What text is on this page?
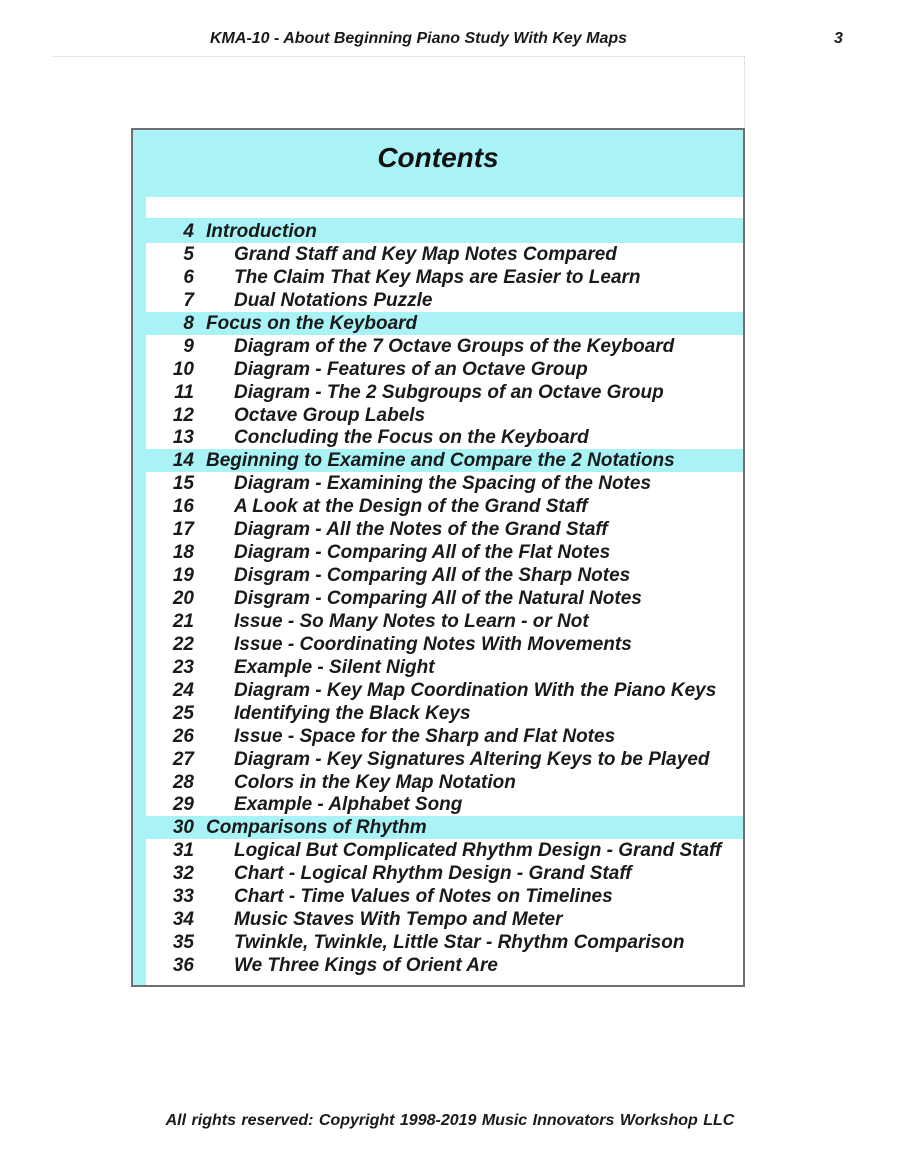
KMA-10 - About Beginning Piano Study With Key Maps	3
Contents
4 Introduction
5 Grand Staff and Key Map Notes Compared
6 The Claim That Key Maps are Easier to Learn
7 Dual Notations Puzzle
8 Focus on the Keyboard
9 Diagram of the 7 Octave Groups of the Keyboard
10 Diagram - Features of an Octave Group
11 Diagram - The 2 Subgroups of an Octave Group
12 Octave Group Labels
13 Concluding the Focus on the Keyboard
14 Beginning to Examine and Compare the 2 Notations
15 Diagram - Examining the Spacing of the Notes
16 A Look at the Design of the Grand Staff
17 Diagram - All the Notes of the Grand Staff
18 Diagram - Comparing All of the Flat Notes
19 Disgram - Comparing All of the Sharp Notes
20 Disgram - Comparing All of the Natural Notes
21 Issue - So Many Notes to Learn - or Not
22 Issue - Coordinating Notes With Movements
23 Example - Silent Night
24 Diagram - Key Map Coordination With the Piano Keys
25 Identifying the Black Keys
26 Issue - Space for the Sharp and Flat Notes
27 Diagram - Key Signatures Altering Keys to be Played
28 Colors in the Key Map Notation
29 Example - Alphabet Song
30 Comparisons of Rhythm
31 Logical But Complicated Rhythm Design - Grand Staff
32 Chart - Logical Rhythm Design - Grand Staff
33 Chart - Time Values of Notes on Timelines
34 Music Staves With Tempo and Meter
35 Twinkle, Twinkle, Little Star - Rhythm Comparison
36 We Three Kings of Orient Are
All rights reserved: Copyright 1998-2019 Music Innovators Workshop LLC
